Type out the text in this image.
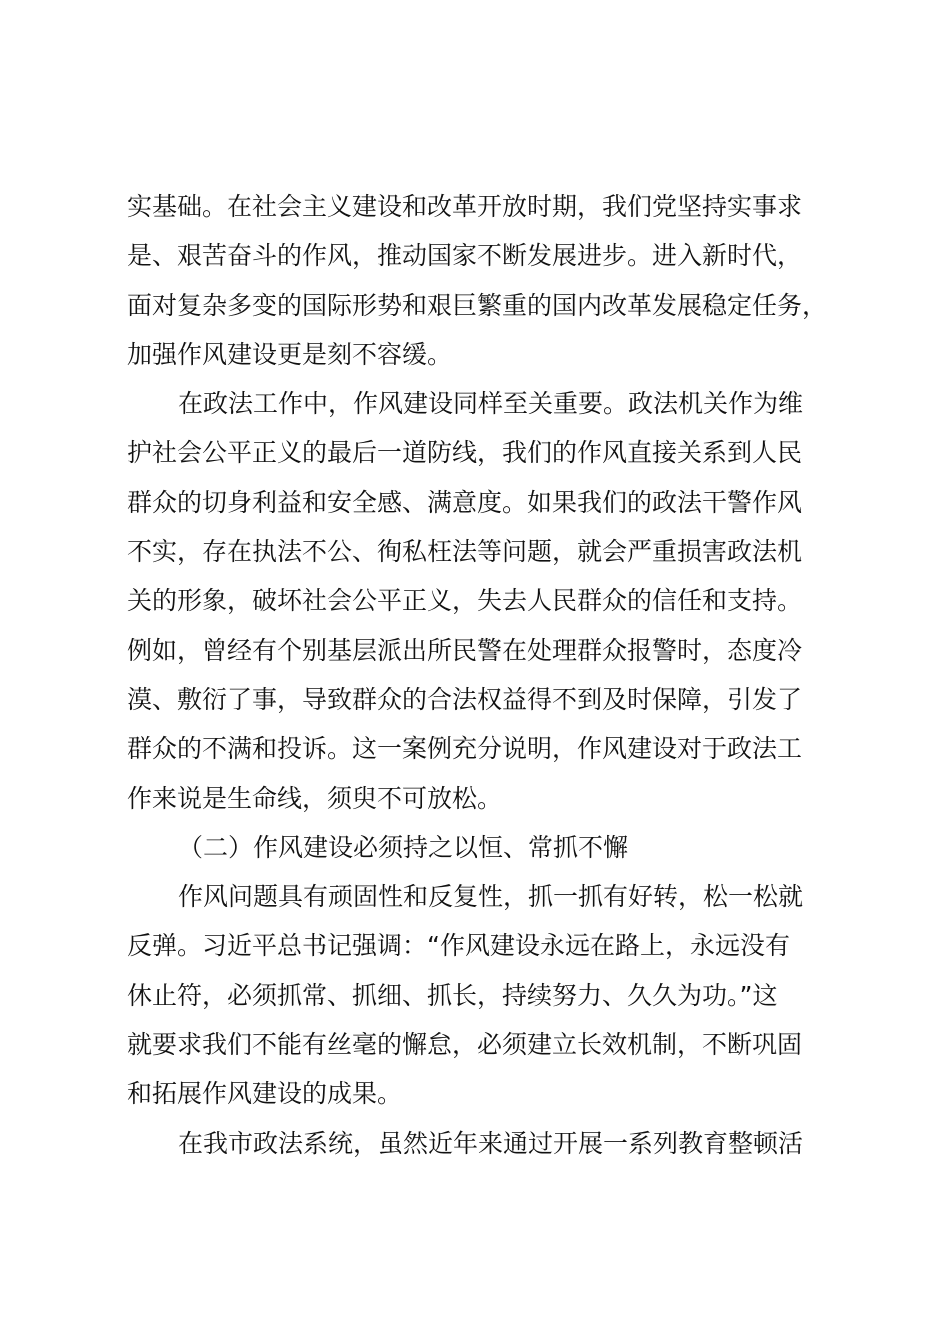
实基础。在社会主义建设和改革开放时期，我们党坚持实事求
是、艰苦奋斗的作风，推动国家不断发展进步。进入新时代，
面对复杂多变的国际形势和艰巨繁重的国内改革发展稳定任务，
加强作风建设更是刻不容缓。
在政法工作中，作风建设同样至关重要。政法机关作为维
护社会公平正义的最后一道防线，我们的作风直接关系到人民
群众的切身利益和安全感、满意度。如果我们的政法干警作风
不实，存在执法不公、徇私枉法等问题，就会严重损害政法机
关的形象，破坏社会公平正义，失去人民群众的信任和支持。
例如，曾经有个别基层派出所民警在处理群众报警时，态度冷
漠、敷衍了事，导致群众的合法权益得不到及时保障，引发了
群众的不满和投诉。这一案例充分说明，作风建设对于政法工
作来说是生命线，须臾不可放松。
（二）作风建设必须持之以恒、常抓不懈
作风问题具有顽固性和反复性，抓一抓有好转，松一松就
反弹。习近平总书记强调：“作风建设永远在路上，永远没有
休止符，必须抓常、抓细、抓长，持续努力、久久为功。”这
就要求我们不能有丝毫的懈怠，必须建立长效机制，不断巩固
和拓展作风建设的成果。
在我市政法系统，虽然近年来通过开展一系列教育整顿活
